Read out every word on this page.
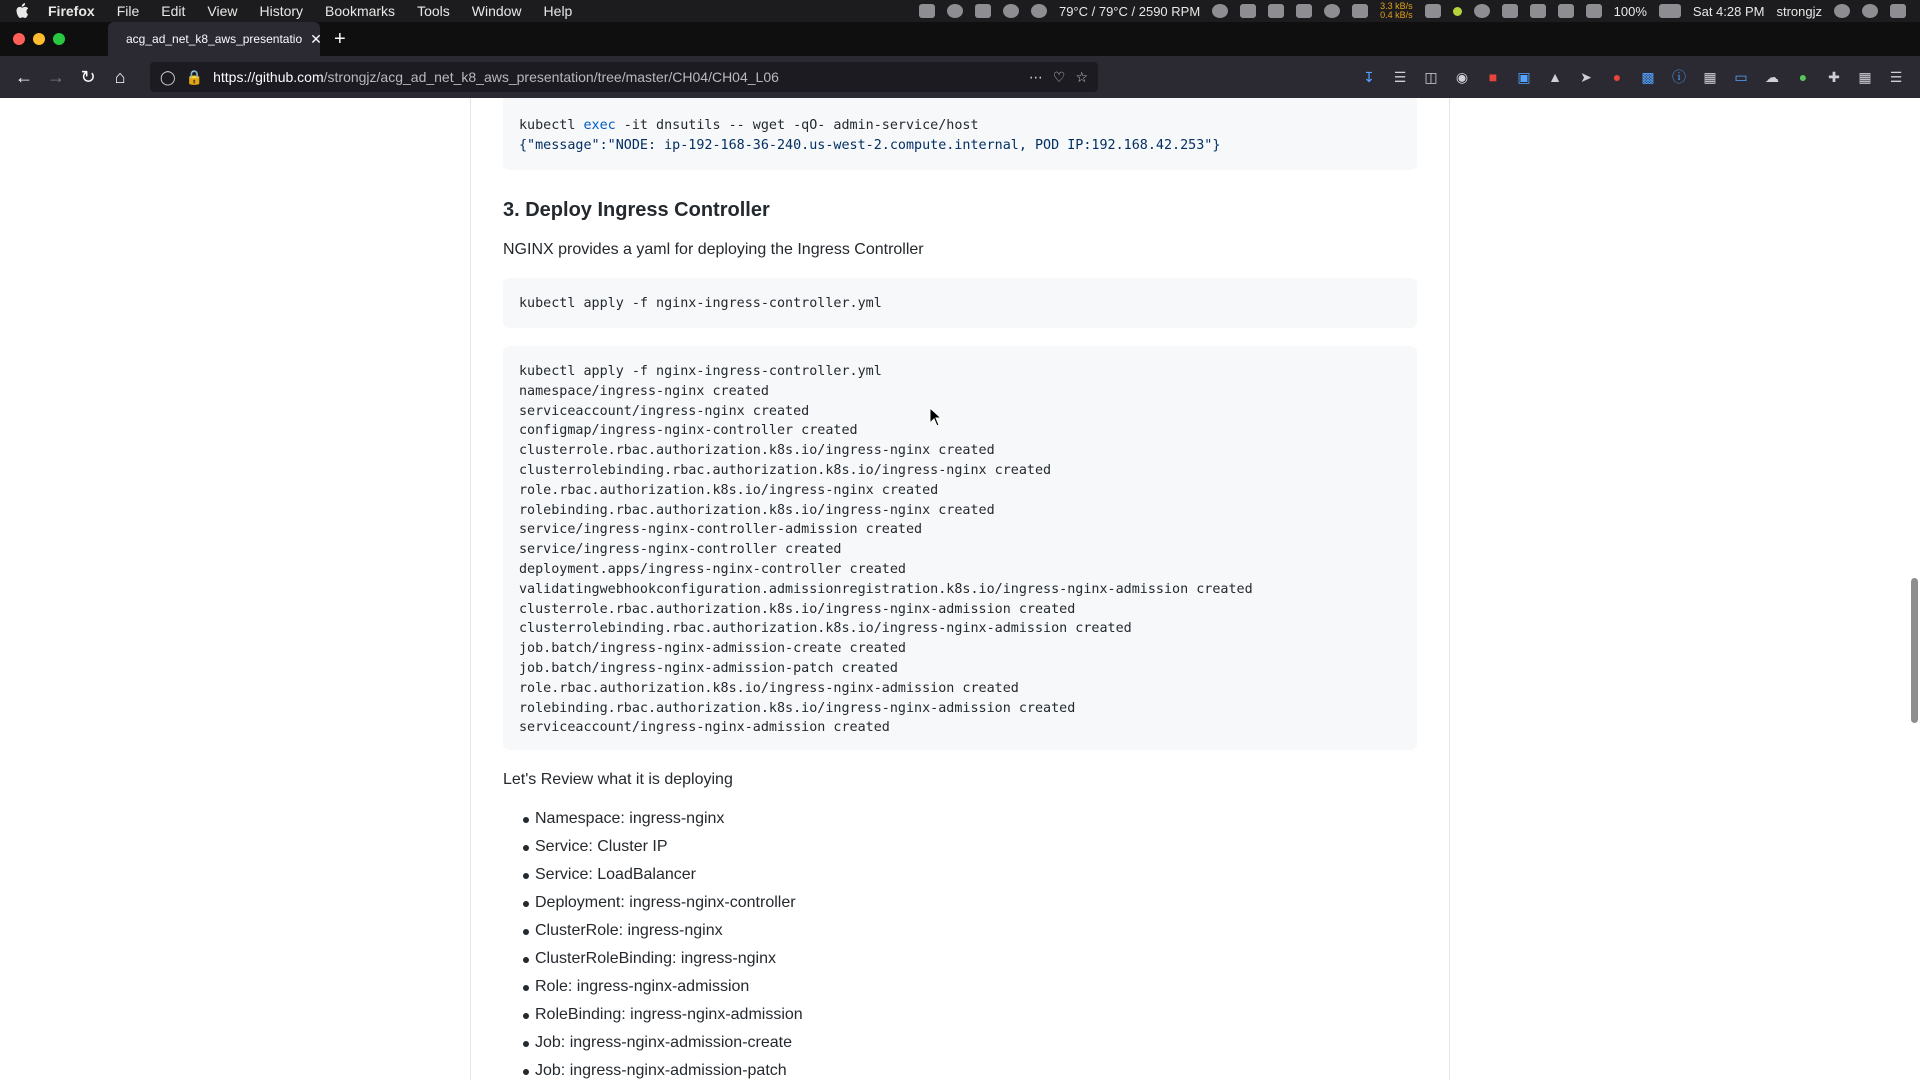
Firefox File Edit View History Bookmarks Tools Window Help	79°C / 79°C / 2590 RPM	3.3 kB/s
0.4 kB/s	100%	Sat 4:28 PM strongjz
acg_ad_net_k8_aws_presentatio ✕ +
← → ↻	⌂	◯ 🔒 https://github.com/strongjz/acg_ad_net_k8_aws_presentation/tree/master/CH04/CH04_L06	⋯ ♡ ☆	↧ ☰ ◫ ◉	■	▣ ▲ ➤	●	▩ ⓘ ▦ ▭ ☁	●	✚ ▦ ☰
kubectl exec -it dnsutils -- wget -qO- admin-service/host
{"message":"NODE: ip-192-168-36-240.us-west-2.compute.internal, POD IP:192.168.42.253"}
3. Deploy Ingress Controller

NGINX provides a yaml for deploying the Ingress Controller

kubectl apply -f nginx-ingress-controller.yml
kubectl apply -f nginx-ingress-controller.yml
namespace/ingress-nginx created
serviceaccount/ingress-nginx created
configmap/ingress-nginx-controller created
clusterrole.rbac.authorization.k8s.io/ingress-nginx created
clusterrolebinding.rbac.authorization.k8s.io/ingress-nginx created
role.rbac.authorization.k8s.io/ingress-nginx created
rolebinding.rbac.authorization.k8s.io/ingress-nginx created
service/ingress-nginx-controller-admission created
service/ingress-nginx-controller created
deployment.apps/ingress-nginx-controller created
validatingwebhookconfiguration.admissionregistration.k8s.io/ingress-nginx-admission created
clusterrole.rbac.authorization.k8s.io/ingress-nginx-admission created
clusterrolebinding.rbac.authorization.k8s.io/ingress-nginx-admission created
job.batch/ingress-nginx-admission-create created
job.batch/ingress-nginx-admission-patch created
role.rbac.authorization.k8s.io/ingress-nginx-admission created
rolebinding.rbac.authorization.k8s.io/ingress-nginx-admission created
serviceaccount/ingress-nginx-admission created

Let's Review what it is deploying

Namespace: ingress-nginx
Service: Cluster IP
Service: LoadBalancer
Deployment: ingress-nginx-controller
ClusterRole: ingress-nginx
ClusterRoleBinding: ingress-nginx
Role: ingress-nginx-admission
RoleBinding: ingress-nginx-admission
Job: ingress-nginx-admission-create
Job: ingress-nginx-admission-patch
